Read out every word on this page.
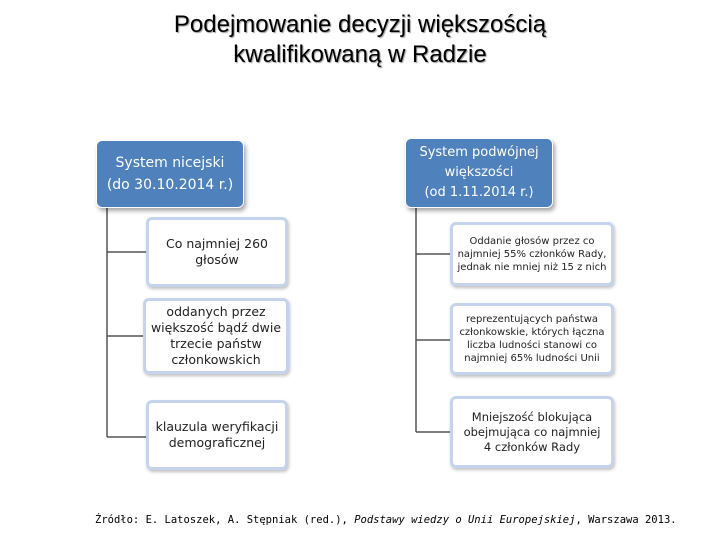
Podejmowanie decyzji większością
kwalifikowaną w Radzie
System nicejski
(do 30.10.2014 r.)
Co najmniej 260
głosów
oddanych przez
większość bądź dwie
trzecie państw
członkowskich
klauzula weryfikacji
demograficznej
System podwójnej
większości
(od 1.11.2014 r.)
Oddanie głosów przez co
najmniej 55% członków Rady,
jednak nie mniej niż 15 z nich
reprezentujących państwa
członkowskie, których łączna
liczba ludności stanowi co
najmniej 65% ludności Unii
Mniejszość blokująca
obejmująca co najmniej
4 członków Rady
Źródło: E. Latoszek, A. Stępniak (red.), Podstawy wiedzy o Unii Europejskiej, Warszawa 2013.
